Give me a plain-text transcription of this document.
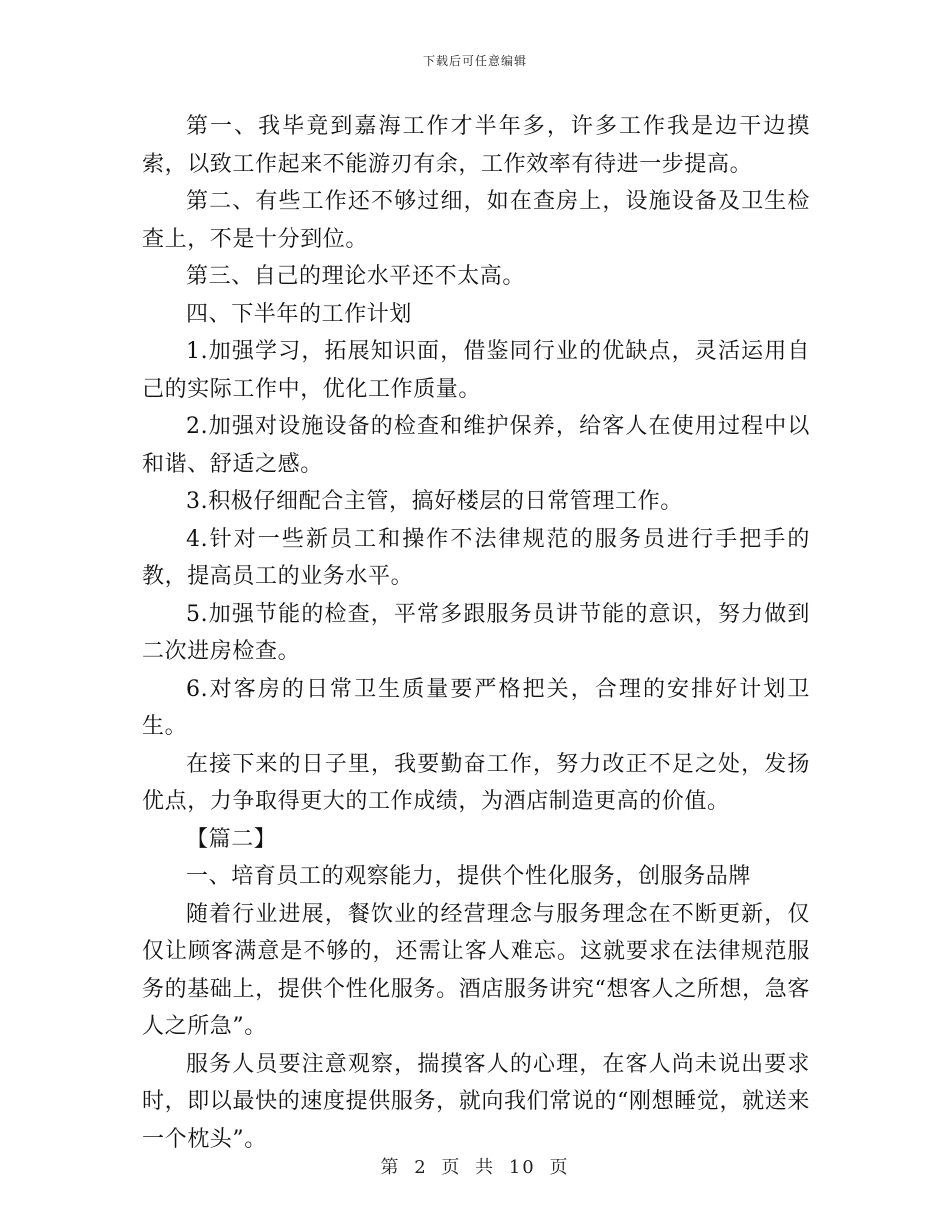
下载后可任意编辑

第一、我毕竟到嘉海工作才半年多，许多工作我是边干边摸索，以致工作起来不能游刃有余，工作效率有待进一步提高。

第二、有些工作还不够过细，如在查房上，设施设备及卫生检查上，不是十分到位。

第三、自己的理论水平还不太高。

四、下半年的工作计划

1.加强学习，拓展知识面，借鉴同行业的优缺点，灵活运用自己的实际工作中，优化工作质量。

2.加强对设施设备的检查和维护保养，给客人在使用过程中以和谐、舒适之感。

3.积极仔细配合主管，搞好楼层的日常管理工作。

4.针对一些新员工和操作不法律规范的服务员进行手把手的教，提高员工的业务水平。

5.加强节能的检查，平常多跟服务员讲节能的意识，努力做到二次进房检查。

6.对客房的日常卫生质量要严格把关，合理的安排好计划卫生。

在接下来的日子里，我要勤奋工作，努力改正不足之处，发扬优点，力争取得更大的工作成绩，为酒店制造更高的价值。

【篇二】

一、培育员工的观察能力，提供个性化服务，创服务品牌

随着行业进展，餐饮业的经营理念与服务理念在不断更新，仅仅让顾客满意是不够的，还需让客人难忘。这就要求在法律规范服务的基础上，提供个性化服务。酒店服务讲究“想客人之所想，急客人之所急”。

服务人员要注意观察，揣摸客人的心理，在客人尚未说出要求时，即以最快的速度提供服务，就向我们常说的“刚想睡觉，就送来一个枕头”。

第 2 页 共 10 页
